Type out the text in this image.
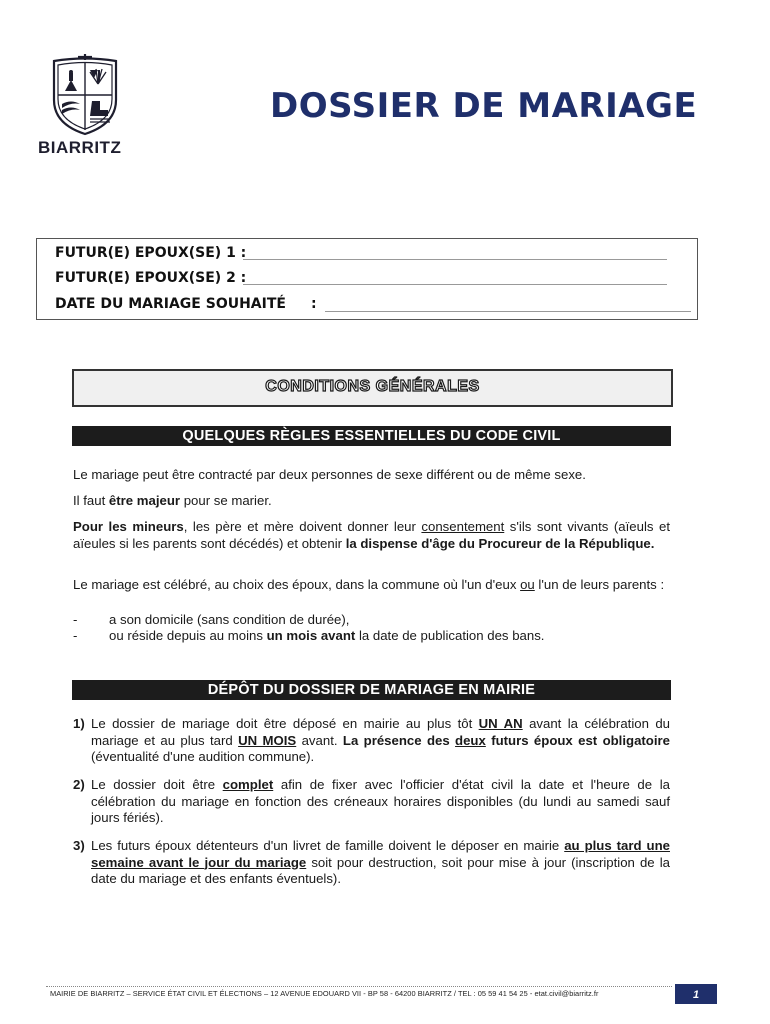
BIARRITZ
DOSSIER DE MARIAGE
FUTUR(E) EPOUX(SE) 1 :
FUTUR(E) EPOUX(SE) 2 :
DATE DU MARIAGE SOUHAITÉ :
CONDITIONS GÉNÉRALES
QUELQUES RÈGLES ESSENTIELLES DU CODE CIVIL
Le mariage peut être contracté par deux personnes de sexe différent ou de même sexe.
Il faut être majeur pour se marier.
Pour les mineurs, les père et mère doivent donner leur consentement s'ils sont vivants (aïeuls et aïeules si les parents sont décédés) et obtenir la dispense d'âge du Procureur de la République.
Le mariage est célébré, au choix des époux, dans la commune où l'un d'eux ou l'un de leurs parents :
- a son domicile (sans condition de durée),
- ou réside depuis au moins un mois avant la date de publication des bans.
DÉPÔT DU DOSSIER DE MARIAGE EN MAIRIE
1) Le dossier de mariage doit être déposé en mairie au plus tôt UN AN avant la célébration du mariage et au plus tard UN MOIS avant. La présence des deux futurs époux est obligatoire (éventualité d'une audition commune).
2) Le dossier doit être complet afin de fixer avec l'officier d'état civil la date et l'heure de la célébration du mariage en fonction des créneaux horaires disponibles (du lundi au samedi sauf jours fériés).
3) Les futurs époux détenteurs d'un livret de famille doivent le déposer en mairie au plus tard une semaine avant le jour du mariage soit pour destruction, soit pour mise à jour (inscription de la date du mariage et des enfants éventuels).
MAIRIE DE BIARRITZ – SERVICE ÉTAT CIVIL ET ÉLECTIONS – 12 AVENUE EDOUARD VII - BP 58 - 64200 BIARRITZ / TEL : 05 59 41 54 25 - etat.civil@biarritz.fr	1
